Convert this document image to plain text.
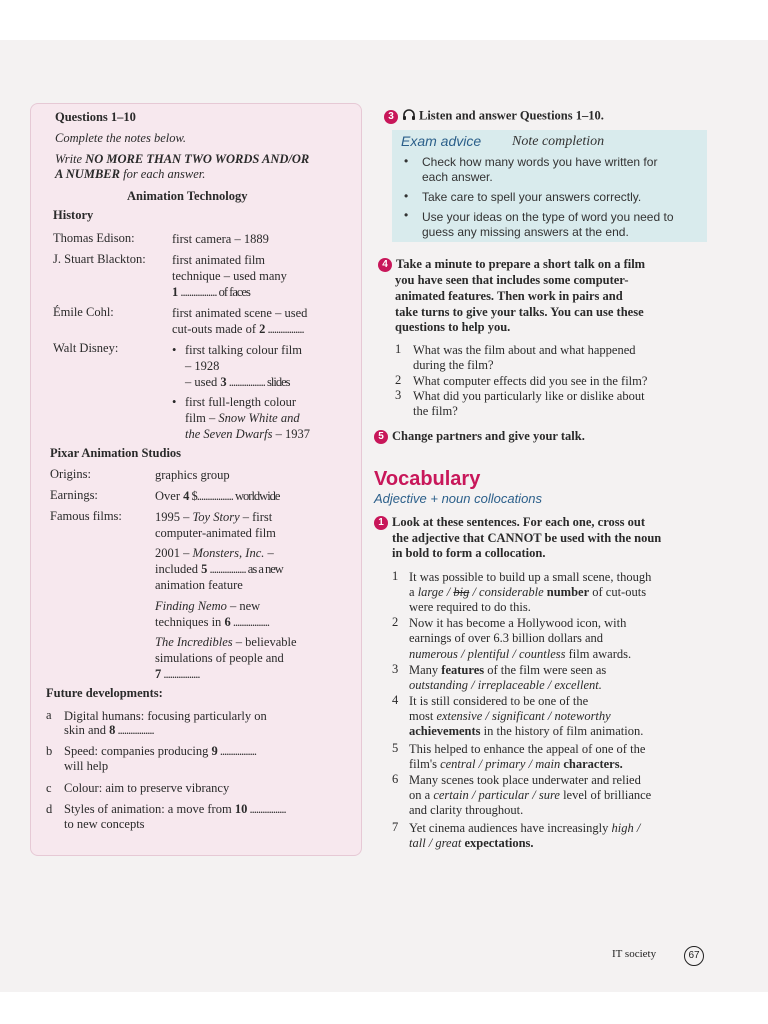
Questions 1–10
Complete the notes below.
Write NO MORE THAN TWO WORDS AND/OR
A NUMBER for each answer.
Animation Technology
History
Thomas Edison:	first camera – 1889
J. Stuart Blackton: first animated film
technique – used many
1 ................. of faces
Émile Cohl:	first animated scene – used
cut-outs made of 2 .................
Walt Disney:	• first talking colour film
– 1928
– used 3 ................. slides
• first full-length colour
film – Snow White and
the Seven Dwarfs – 1937
Pixar Animation Studios
Origins:	graphics group
Earnings:	Over 4 $................. worldwide
Famous films:	1995 – Toy Story – first
computer-animated film
2001 – Monsters, Inc. –
included 5 ................. as a new
animation feature
Finding Nemo – new
techniques in 6 .................
The Incredibles – believable
simulations of people and
7 .................
Future developments:
a Digital humans: focusing particularly on
skin and 8 .................
b Speed: companies producing 9 .................
will help
c Colour: aim to preserve vibrancy
d Styles of animation: a move from 10 .................
to new concepts
3 Listen and answer Questions 1–10.
Exam advice Note completion
• Check how many words you have written for
each answer.
• Take care to spell your answers correctly.
• Use your ideas on the type of word you need to
guess any missing answers at the end.
4 Take a minute to prepare a short talk on a film
you have seen that includes some computer-
animated features. Then work in pairs and
take turns to give your talks. You can use these
questions to help you.
1 What was the film about and what happened
during the film?
2 What computer effects did you see in the film?
3 What did you particularly like or dislike about
the film?
5 Change partners and give your talk.
Vocabulary
Adjective + noun collocations
1 Look at these sentences. For each one, cross out
the adjective that CANNOT be used with the noun
in bold to form a collocation.
1 It was possible to build up a small scene, though
a large / big / considerable number of cut-outs
were required to do this.
2 Now it has become a Hollywood icon, with
earnings of over 6.3 billion dollars and
numerous / plentiful / countless film awards.
3 Many features of the film were seen as
outstanding / irreplaceable / excellent.
4 It is still considered to be one of the
most extensive / significant / noteworthy
achievements in the history of film animation.
5 This helped to enhance the appeal of one of the
film's central / primary / main characters.
6 Many scenes took place underwater and relied
on a certain / particular / sure level of brilliance
and clarity throughout.
7 Yet cinema audiences have increasingly high /
tall / great expectations.
IT society	67
